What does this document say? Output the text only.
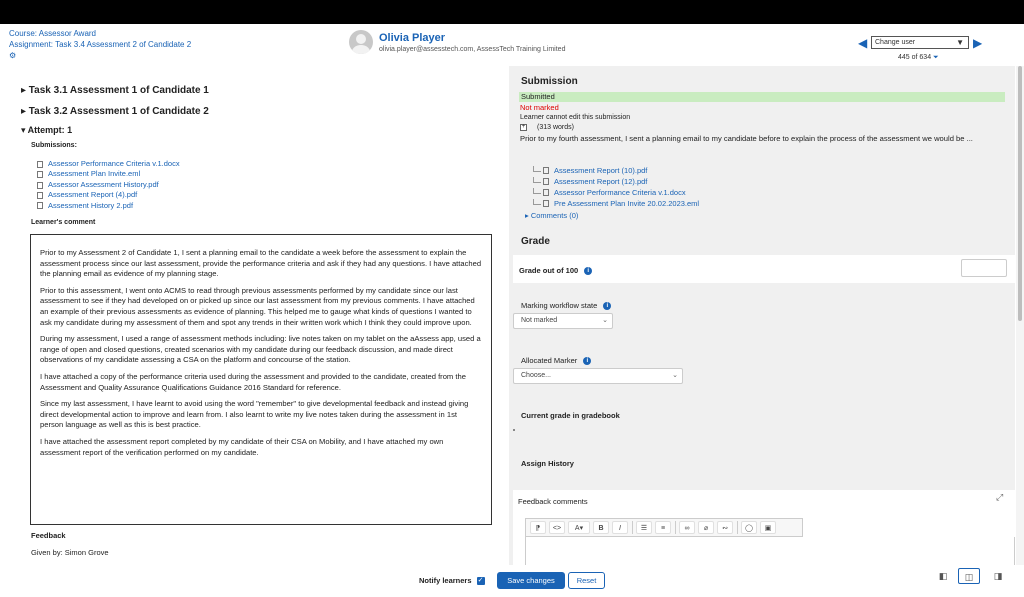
Course: Assessor Award
Assignment: Task 3.4 Assessment 2 of Candidate 2
⚙
Olivia Player
olivia.player@assesstech.com, AssessTech Training Limited	◀	Change user	▼ ▶
445 of 634 ⏷
▸ Task 3.1 Assessment 1 of Candidate 1
▸ Task 3.2 Assessment 1 of Candidate 2
▾ Attempt: 1
Submissions:
Assessor Performance Criteria v.1.docx
Assessment Plan Invite.eml
Assessor Assessment History.pdf
Assessment Report (4).pdf
Assessment History 2.pdf
Learner's comment

Prior to my Assessment 2 of Candidate 1, I sent a planning email to the candidate a week before the assessment to explain the assessment process since our last assessment, provide the performance criteria and ask if they had any questions. I have attached the planning email as evidence of my planning stage.

Prior to this assessment, I went onto ACMS to read through previous assessments performed by my candidate since our last assessment to see if they had developed on or picked up since our last assessment from my previous comments. I have attached an example of their previous assessments as evidence of planning. This helped me to gauge what kinds of questions I wanted to ask my candidate during my assessment of them and spot any trends in their written work which I think they could improve upon.

During my assessment, I used a range of assessment methods including: live notes taken on my tablet on the aAssess app, used a range of open and closed questions, created scenarios with my candidate during our feedback discussion, and made direct observations of my candidate assessing a CSA on the platform and concourse of the station.

I have attached a copy of the performance criteria used during the assessment and provided to the candidate, created from the Assessment and Quality Assurance Qualifications Guidance 2016 Standard for reference.

Since my last assessment, I have learnt to avoid using the word "remember" to give developmental feedback and instead giving direct developmental action to improve and learn from. I also learnt to write my live notes taken during the assessment in 1st person language as well as this is best practice.

I have attached the assessment report completed by my candidate of their CSA on Mobility, and I have attached my own assessment report of the verification performed on my candidate.

Feedback
Given by: Simon Grove
Submission
Submitted
Not marked
Learner cannot edit this submission
+ (313 words)
Prior to my fourth assessment, I sent a planning email to my candidate before to explain the process of the assessment we would be ...
Assessment Report (10).pdf
Assessment Report (12).pdf
Assessor Performance Criteria v.1.docx
Pre Assessment Plan Invite 20.02.2023.eml
▸ Comments (0)
Grade
Grade out of 100	i
Marking workflow state	i
Not marked	⌄
Allocated Marker	i
Choose...	⌄
Current grade in gradebook
Assign History
Feedback comments	⤢
⁋	<>	A▾	B	I	☰	≡	∞	⌀	∾	◯	▣
Notify learners ✓	Save changes	Reset	◧	◫	◨
